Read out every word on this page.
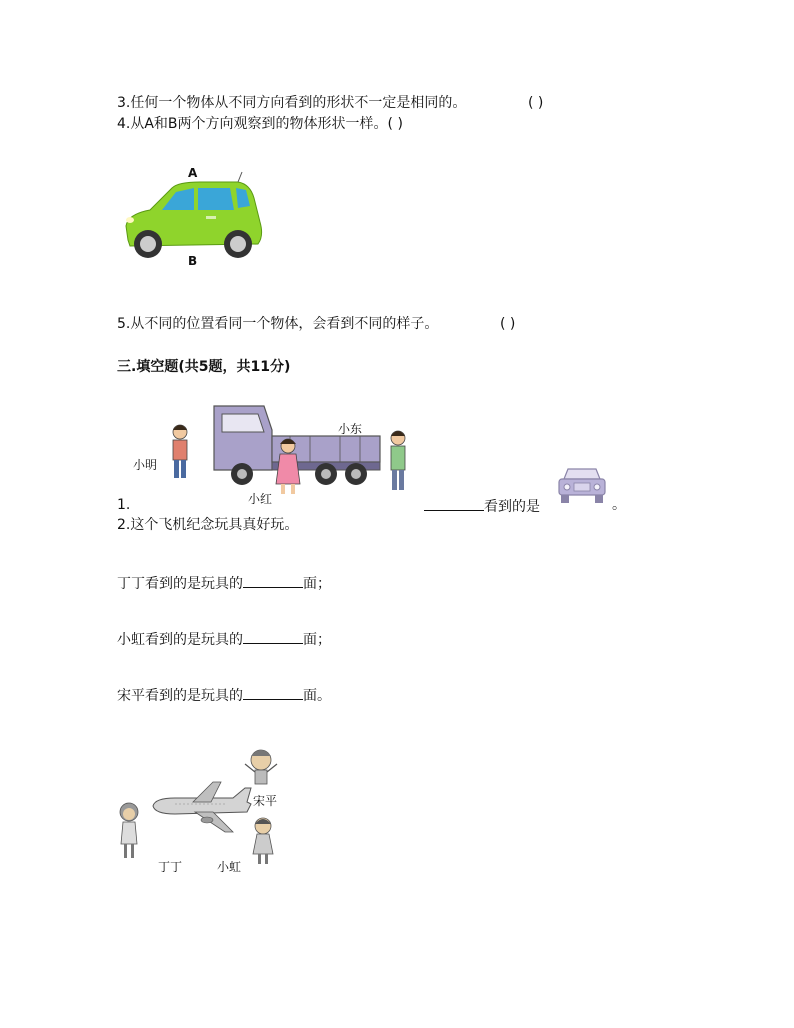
3.任何一个物体从不同方向看到的形状不一定是相同的。	( )
4.从A和B两个方向观察到的物体形状一样。( )
A
B
5.从不同的位置看同一个物体，会看到不同的样子。	( )
三.填空题(共5题，共11分)
小明
小东
小红
1.	看到的是	。
2.这个飞机纪念玩具真好玩。
丁丁看到的是玩具的	面；
小虹看到的是玩具的	面；
宋平看到的是玩具的	面。
宋平
丁丁	小虹
